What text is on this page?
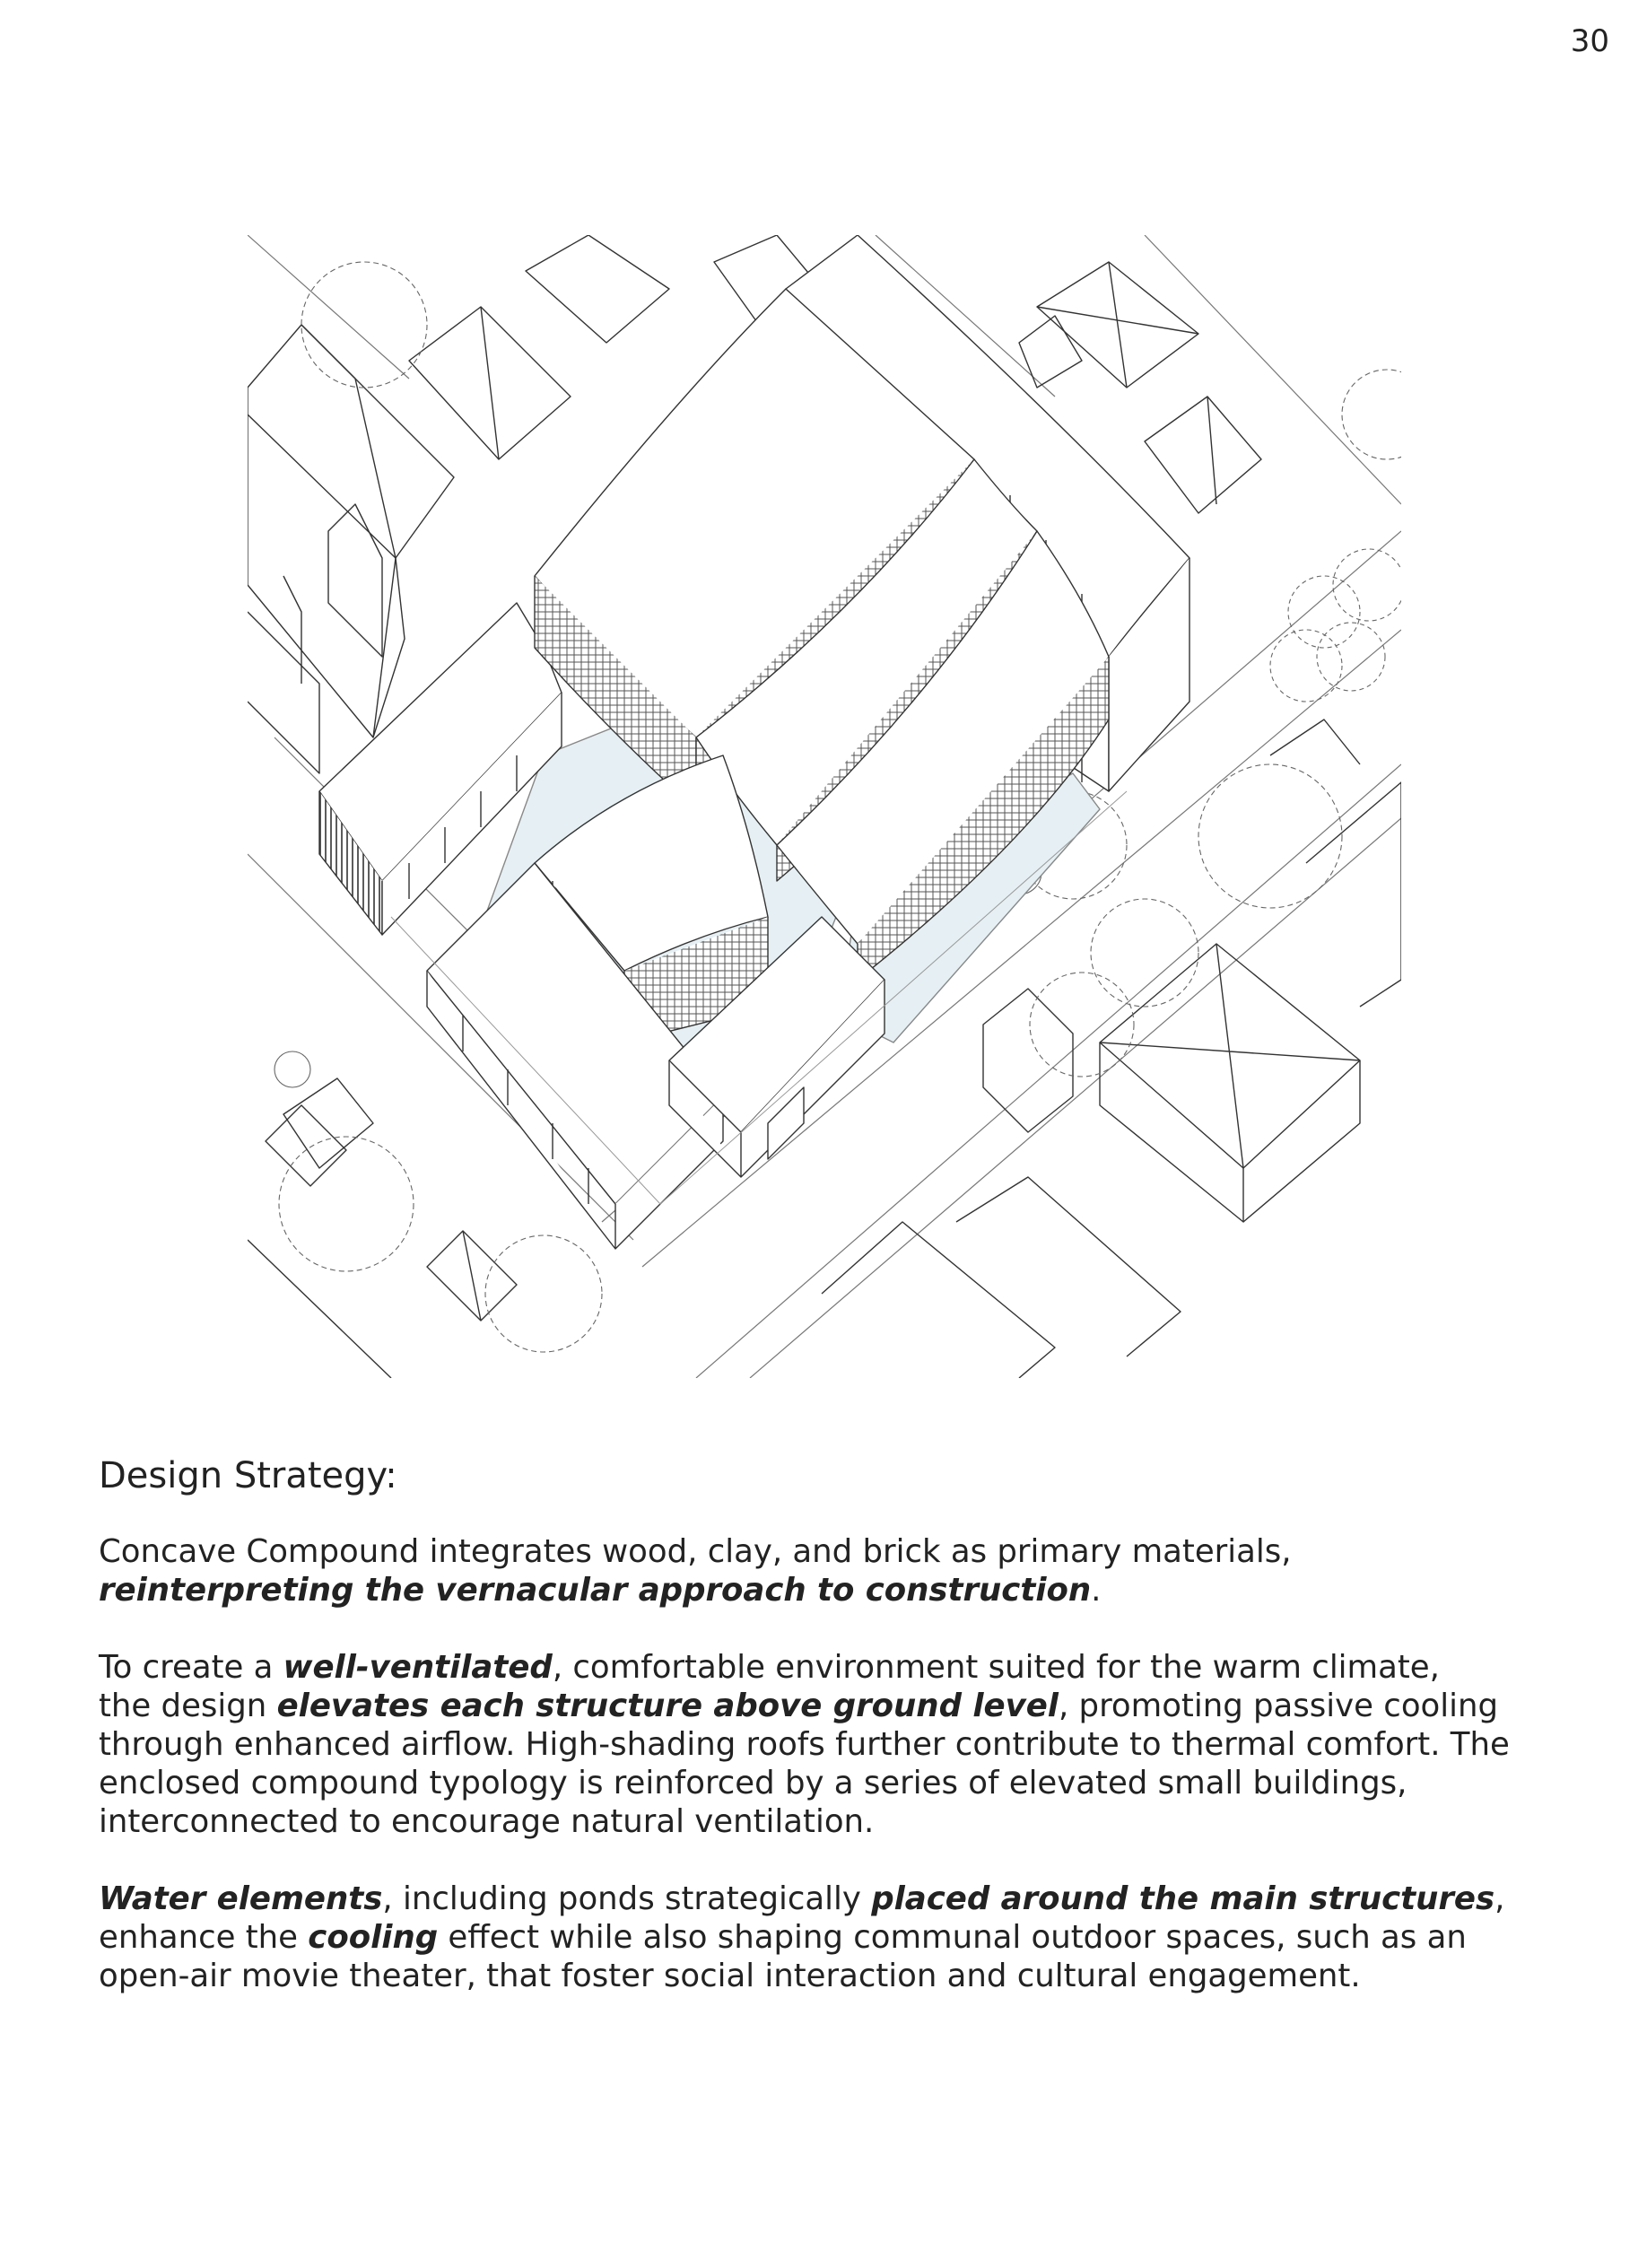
30
Design Strategy:

Concave Compound integrates wood, clay, and brick as primary materials,
reinterpreting the vernacular approach to construction.

To create a well-ventilated, comfortable environment suited for the warm climate,
the design elevates each structure above ground level, promoting passive cooling
through enhanced airflow. High-shading roofs further contribute to thermal comfort. The
enclosed compound typology is reinforced by a series of elevated small buildings,
interconnected to encourage natural ventilation.

Water elements, including ponds strategically placed around the main structures,
enhance the cooling effect while also shaping communal outdoor spaces, such as an
open-air movie theater, that foster social interaction and cultural engagement.
